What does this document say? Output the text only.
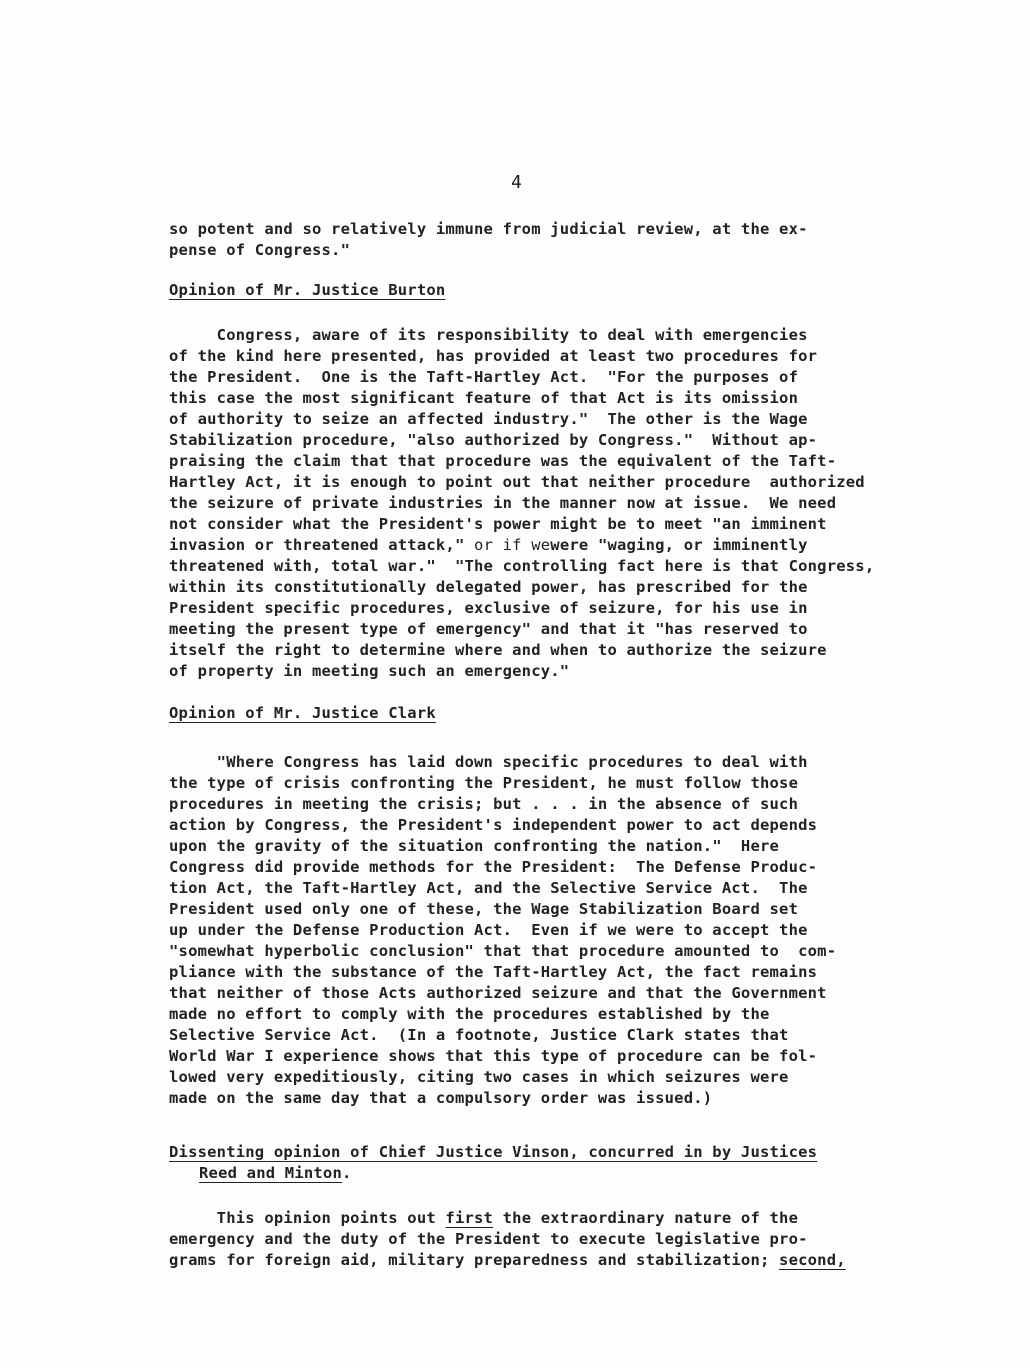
4
so potent and so relatively immune from judicial review, at the ex-
pense of Congress."
Opinion of Mr. Justice Burton
Congress, aware of its responsibility to deal with emergencies
of the kind here presented, has provided at least two procedures for
the President.  One is the Taft-Hartley Act.  "For the purposes of
this case the most significant feature of that Act is its omission
of authority to seize an affected industry."  The other is the Wage
Stabilization procedure, "also authorized by Congress."  Without ap-
praising the claim that that procedure was the equivalent of the Taft-
Hartley Act, it is enough to point out that neither procedure  authorized
the seizure of private industries in the manner now at issue.  We need
not consider what the President's power might be to meet "an imminent
invasion or threatened attack," or if wewere "waging, or imminently
threatened with, total war."  "The controlling fact here is that Congress,
within its constitutionally delegated power, has prescribed for the
President specific procedures, exclusive of seizure, for his use in
meeting the present type of emergency" and that it "has reserved to
itself the right to determine where and when to authorize the seizure
of property in meeting such an emergency."
Opinion of Mr. Justice Clark
"Where Congress has laid down specific procedures to deal with
the type of crisis confronting the President, he must follow those
procedures in meeting the crisis; but . . . in the absence of such
action by Congress, the President's independent power to act depends
upon the gravity of the situation confronting the nation."  Here
Congress did provide methods for the President:  The Defense Produc-
tion Act, the Taft-Hartley Act, and the Selective Service Act.  The
President used only one of these, the Wage Stabilization Board set
up under the Defense Production Act.  Even if we were to accept the
"somewhat hyperbolic conclusion" that that procedure amounted to  com-
pliance with the substance of the Taft-Hartley Act, the fact remains
that neither of those Acts authorized seizure and that the Government
made no effort to comply with the procedures established by the
Selective Service Act.  (In a footnote, Justice Clark states that
World War I experience shows that this type of procedure can be fol-
lowed very expeditiously, citing two cases in which seizures were
made on the same day that a compulsory order was issued.)
Dissenting opinion of Chief Justice Vinson, concurred in by Justices
Reed and Minton.
This opinion points out first the extraordinary nature of the
emergency and the duty of the President to execute legislative pro-
grams for foreign aid, military preparedness and stabilization; second,
